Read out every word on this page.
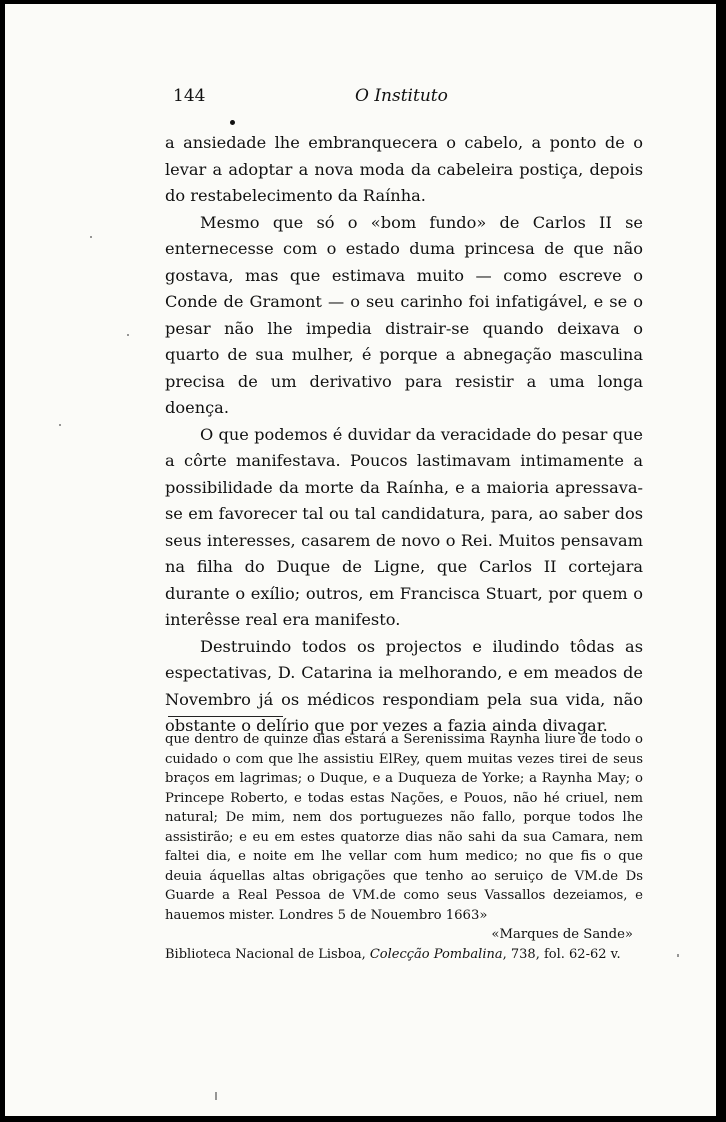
144	O Instituto

a ansiedade lhe embranquecera o cabelo, a ponto de o levar a adoptar a nova moda da cabeleira postiça, depois do restabelecimento da Raínha.

Mesmo que só o «bom fundo» de Carlos II se enternecesse com o estado duma princesa de que não gostava, mas que estimava muito — como escreve o Conde de Gramont — o seu carinho foi infatigável, e se o pesar não lhe impedia distrair-se quando deixava o quarto de sua mulher, é porque a abnegação masculina precisa de um derivativo para resistir a uma longa doença.

O que podemos é duvidar da veracidade do pesar que a côrte manifestava. Poucos lastimavam intimamente a possibilidade da morte da Raínha, e a maioria apressava-se em favorecer tal ou tal candidatura, para, ao saber dos seus interesses, casarem de novo o Rei. Muitos pensavam na filha do Duque de Ligne, que Carlos II cortejara durante o exílio; outros, em Francisca Stuart, por quem o interêsse real era manifesto.

Destruindo todos os projectos e iludindo tôdas as espectativas, D. Catarina ia melhorando, e em meados de Novembro já os médicos respondiam pela sua vida, não obstante o delírio que por vezes a fazia ainda divagar.

que dentro de quinze dias estará a Serenissima Raynha liure de todo o cuidado o com que lhe assistiu ElRey, quem muitas vezes tirei de seus braços em lagrimas; o Duque, e a Duqueza de Yorke; a Raynha May; o Princepe Roberto, e todas estas Nações, e Pouos, não hé criuel, nem natural; De mim, nem dos portuguezes não fallo, porque todos lhe assistirão; e eu em estes quatorze dias não sahi da sua Camara, nem faltei dia, e noite em lhe vellar com hum medico; no que fis o que deuia áquellas altas obrigações que tenho ao seruiço de VM.de Ds Guarde a Real Pessoa de VM.de como seus Vassallos dezeiamos, e hauemos mister. Londres 5 de Nouembro 1663»

«Marques de Sande»

Biblioteca Nacional de Lisboa, Colecção Pombalina, 738, fol. 62-62 v.
